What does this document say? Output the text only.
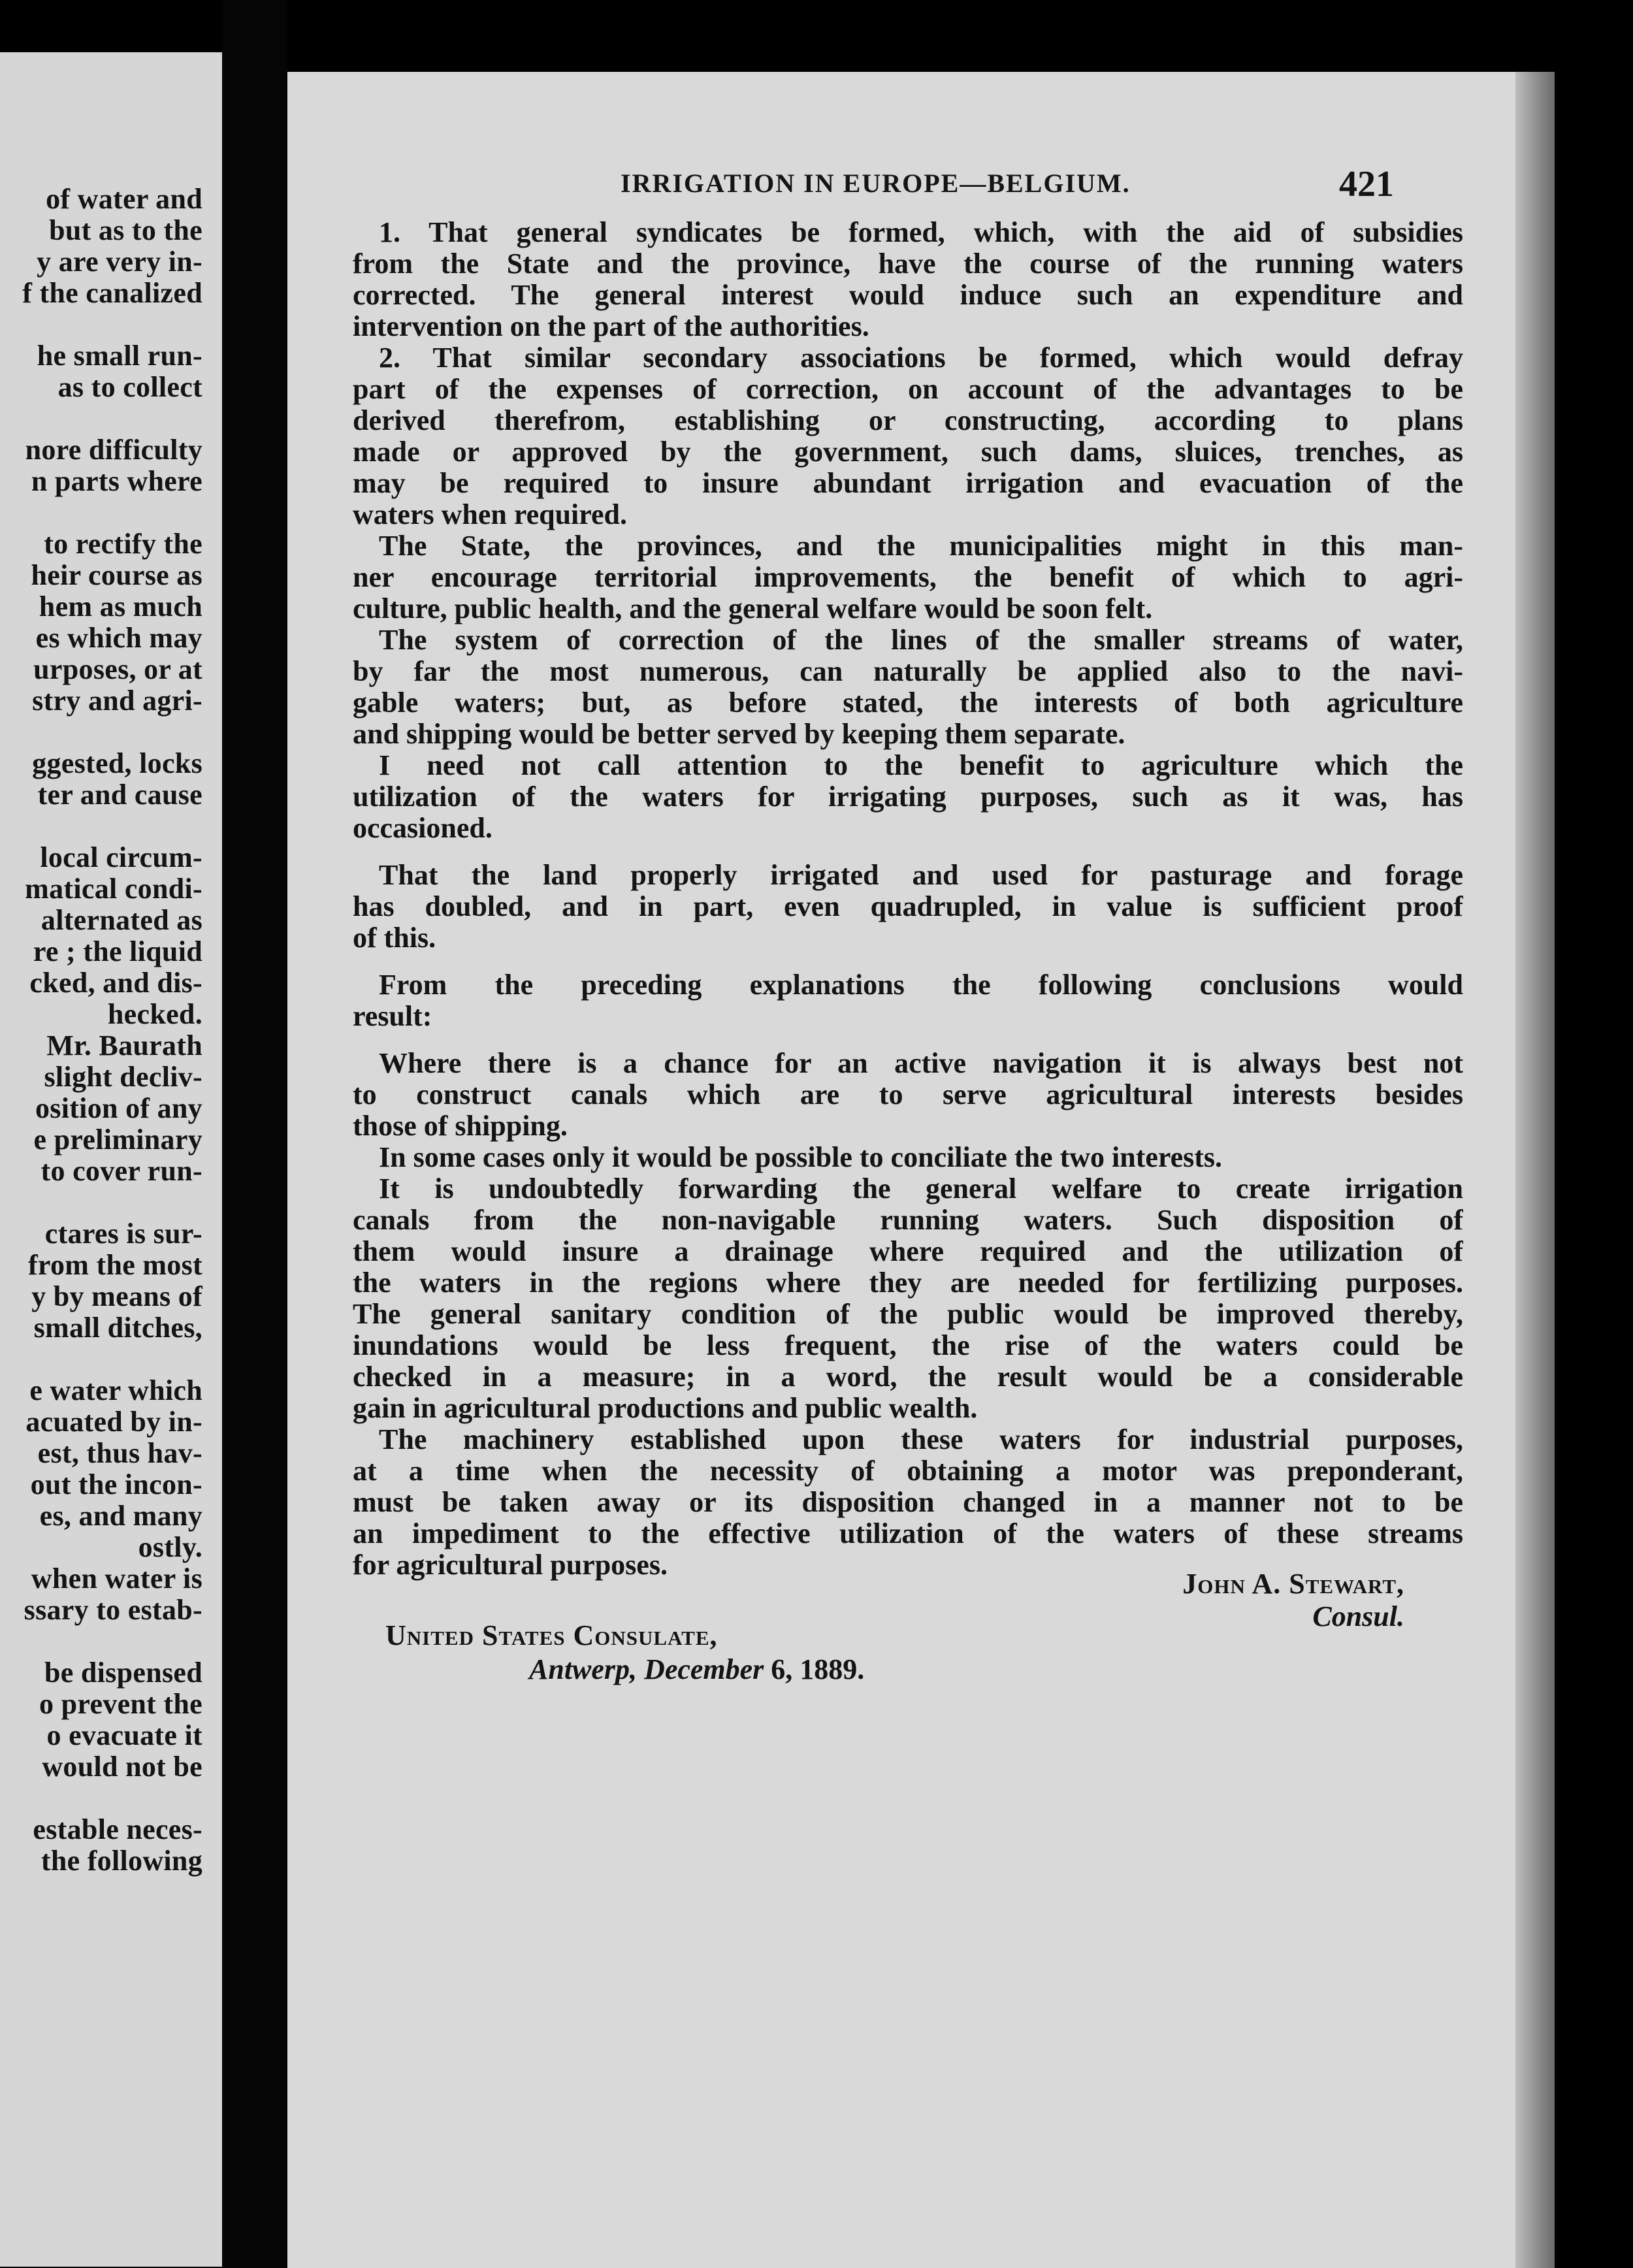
of water and
but as to the
y are very in-
f the canalized
he small run-
as to collect
nore difficulty
n parts where
to rectify the
heir course as
hem as much
es which may
urposes, or at
stry and agri-
ggested, locks
ter and cause
local circum-
matical condi-
alternated as
re ; the liquid
cked, and dis-
hecked.
Mr. Baurath
slight decliv-
osition of any
e preliminary
to cover run-
ctares is sur-
from the most
y by means of
small ditches,
e water which
acuated by in-
est, thus hav-
out the incon-
es, and many
ostly.
when water is
ssary to estab-
be dispensed
o prevent the
o evacuate it
would not be
estable neces-
the following
IRRIGATION IN EUROPE—BELGIUM.	421
1. That general syndicates be formed, which, with the aid of subsidies
from the State and the province, have the course of the running waters
corrected. The general interest would induce such an expenditure and
intervention on the part of the authorities.
2. That similar secondary associations be formed, which would defray
part of the expenses of correction, on account of the advantages to be
derived therefrom, establishing or constructing, according to plans
made or approved by the government, such dams, sluices, trenches, as
may be required to insure abundant irrigation and evacuation of the
waters when required.
The State, the provinces, and the municipalities might in this man-
ner encourage territorial improvements, the benefit of which to agri-
culture, public health, and the general welfare would be soon felt.
The system of correction of the lines of the smaller streams of water,
by far the most numerous, can naturally be applied also to the navi-
gable waters; but, as before stated, the interests of both agriculture
and shipping would be better served by keeping them separate.
I need not call attention to the benefit to agriculture which the
utilization of the waters for irrigating purposes, such as it was, has
occasioned.
That the land properly irrigated and used for pasturage and forage
has doubled, and in part, even quadrupled, in value is sufficient proof
of this.
From the preceding explanations the following conclusions would
result:
Where there is a chance for an active navigation it is always best not
to construct canals which are to serve agricultural interests besides
those of shipping.
In some cases only it would be possible to conciliate the two interests.
It is undoubtedly forwarding the general welfare to create irrigation
canals from the non-navigable running waters. Such disposition of
them would insure a drainage where required and the utilization of
the waters in the regions where they are needed for fertilizing purposes.
The general sanitary condition of the public would be improved thereby,
inundations would be less frequent, the rise of the waters could be
checked in a measure; in a word, the result would be a considerable
gain in agricultural productions and public wealth.
The machinery established upon these waters for industrial purposes,
at a time when the necessity of obtaining a motor was preponderant,
must be taken away or its disposition changed in a manner not to be
an impediment to the effective utilization of the waters of these streams
for agricultural purposes.
John A. Stewart,
Consul.
United States Consulate,
Antwerp, December 6, 1889.
